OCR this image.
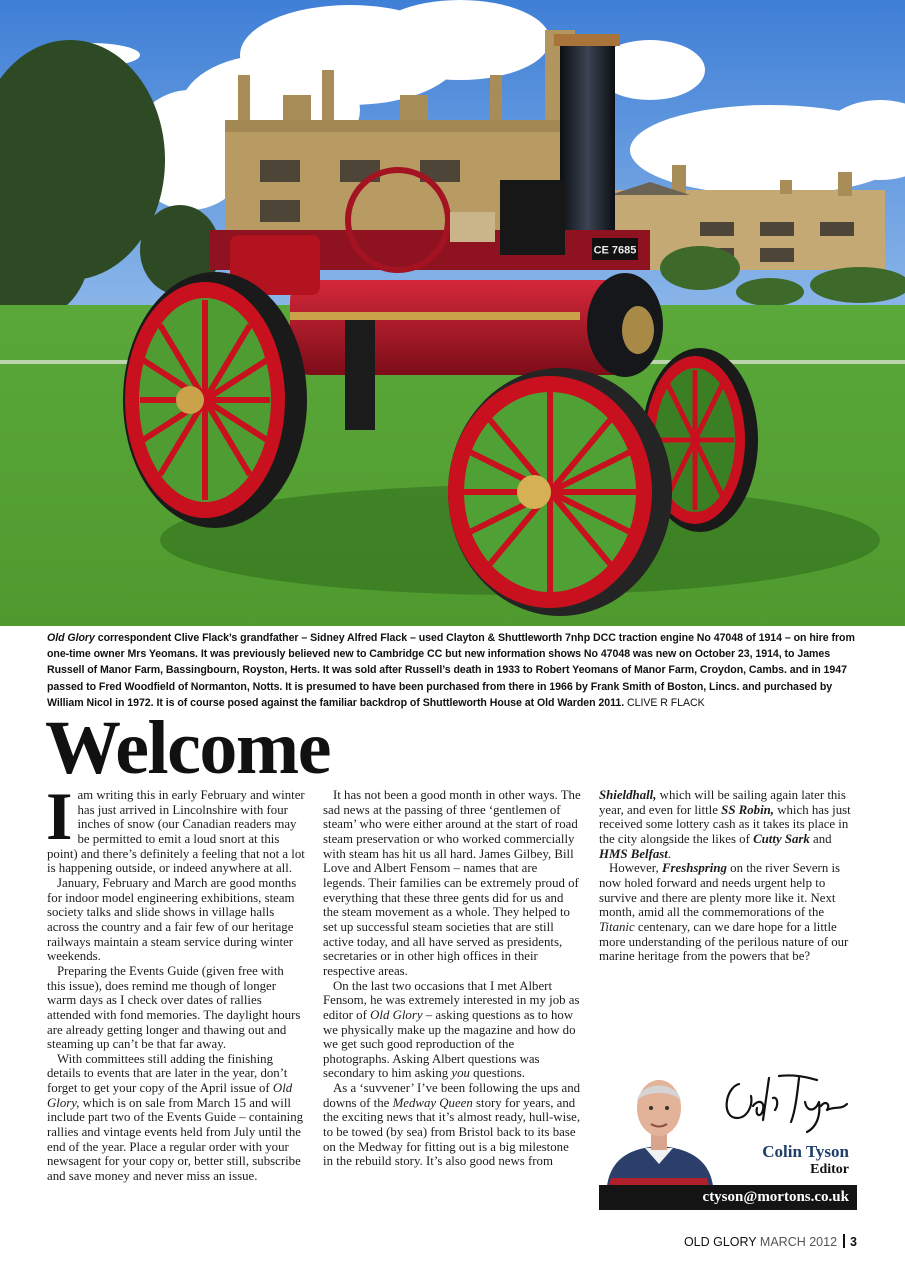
CE 7685
Old Glory correspondent Clive Flack’s grandfather – Sidney Alfred Flack – used Clayton & Shuttleworth 7nhp DCC traction engine No 47048 of 1914 – on hire from one-time owner Mrs Yeomans. It was previously believed new to Cambridge CC but new information shows No 47048 was new on October 23, 1914, to James Russell of Manor Farm, Bassingbourn, Royston, Herts. It was sold after Russell’s death in 1933 to Robert Yeomans of Manor Farm, Croydon, Cambs. and in 1947 passed to Fred Woodfield of Normanton, Notts. It is presumed to have been purchased from there in 1966 by Frank Smith of Boston, Lincs. and purchased by William Nicol in 1972. It is of course posed against the familiar backdrop of Shuttleworth House at Old Warden 2011. CLIVE R FLACK
Welcome

Iam writing this in early February and winter has just arrived in Lincolnshire with four inches of snow (our Canadian readers may be permitted to emit a loud snort at this point) and there’s definitely a feeling that not a lot is happening outside, or indeed anywhere at all.

January, February and March are good months for indoor model engineering exhibitions, steam society talks and slide shows in village halls across the country and a fair few of our heritage railways maintain a steam service during winter weekends.

Preparing the Events Guide (given free with this issue), does remind me though of longer warm days as I check over dates of rallies attended with fond memories. The daylight hours are already getting longer and thawing out and steaming up can’t be that far away.

With committees still adding the finishing details to events that are later in the year, don’t forget to get your copy of the April issue of Old Glory, which is on sale from March 15 and will include part two of the Events Guide – containing rallies and vintage events held from July until the end of the year. Place a regular order with your newsagent for your copy or, better still, subscribe and save money and never miss an issue.

It has not been a good month in other ways. The sad news at the passing of three ‘gentlemen of steam’ who were either around at the start of road steam preservation or who worked commercially with steam has hit us all hard. James Gilbey, Bill Love and Albert Fensom – names that are legends. Their families can be extremely proud of everything that these three gents did for us and the steam movement as a whole. They helped to set up successful steam societies that are still active today, and all have served as presidents, secretaries or in other high offices in their respective areas.

On the last two occasions that I met Albert Fensom, he was extremely interested in my job as editor of Old Glory – asking questions as to how we physically make up the magazine and how do we get such good reproduction of the photographs. Asking Albert questions was secondary to him asking you questions.

As a ‘suvvener’ I’ve been following the ups and downs of the Medway Queen story for years, and the exciting news that it’s almost ready, hull-wise, to be towed (by sea) from Bristol back to its base on the Medway for fitting out is a big milestone in the rebuild story. It’s also good news from

Shieldhall, which will be sailing again later this year, and even for little SS Robin, which has just received some lottery cash as it takes its place in the city alongside the likes of Cutty Sark and HMS Belfast.

However, Freshspring on the river Severn is now holed forward and needs urgent help to survive and there are plenty more like it. Next month, amid all the commemorations of the Titanic centenary, can we dare hope for a little more understanding of the perilous nature of our marine heritage from the powers that be?

Colin Tyson
Editor
ctyson@mortons.co.uk
OLD GLORY MARCH 2012 3
